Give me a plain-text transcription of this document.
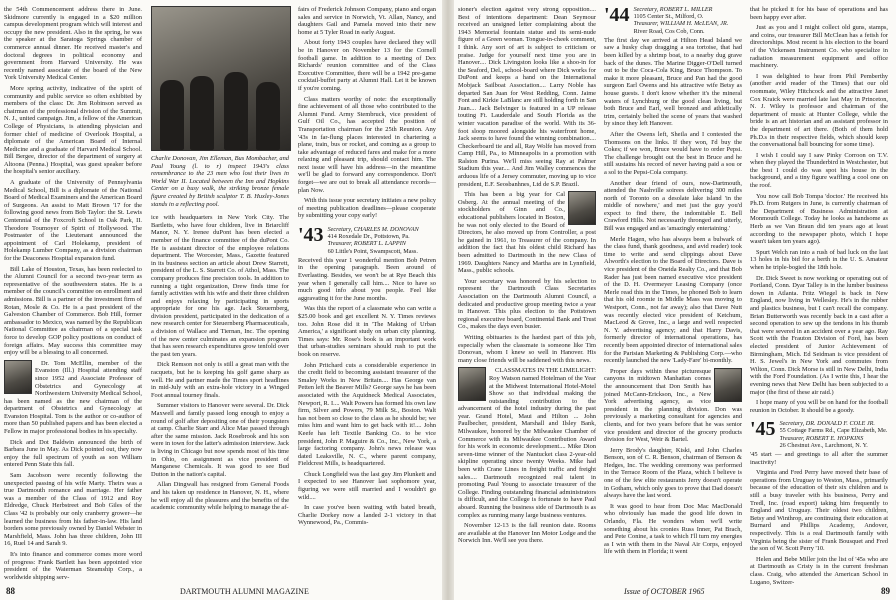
the 54th Commencement address there in June. Skidmore currently is engaged in a $20 million campus development program which will interest and occupy the new president. Also in the spring, he was the speaker at the Saratoga Springs chamber of commerce annual dinner. He received master's and doctoral degrees in political economy and government from Harvard University. He was recently named associate of the board of the New York University Medical Center.

More spring activity, indicative of the spirit of community and public service so often exhibited by members of the class: Dr. Jim Robinson served as chairman of the professional division of the Summit, N. J., united campaign. Jim, a fellow of the American College of Physicians, is attending physician and former chief of medicine of Overlook Hospital, a diplomate of the American Board of Internal Medicine and a graduate of Harvard Medical School. Bill Bergee, director of the department of surgery at Altoona (Penna.) Hospital, was guest speaker before the hospital's senior auxiliary.

A graduate of the University of Pennsylvania Medical School, Bill is a diplomate of the National Board of Medical Examiners and the American Board of Surgeons. An assist to Matt Brown '17 for the following good news from Bob Taylor: the St. Lewis Centennial of the Foxcroft School in Oak Park, II. Theodore Tournoyer of Spirit of Hollywood. The Postmaster of the Lieutenant announced the appointment of Carl Holekamp, president of Holekamp Lumber Company, as a division chairman for the Deaconess Hospital expansion fund.

Bill Lake of Houston, Texas, has been reelected to the Alumni Council for a second two-year term as representative of the southwestern states. He is a member of the council's committee on enrollment and admissions. Bill is a partner of the investment firm of Rotan, Mosle & Co. He is a past president of the Galveston Chamber of Commerce. Bob Hill, former ambassador to Mexico, was named by the Republican National Committee as chairman of a special task force to develop GOP policy positions on conduct of foreign affairs. May success this committee may enjoy will be a blessing to all concerned.

Dr. Tom McEllin, member of the Evanston (Ill.) Hospital attending staff since 1952 and Associate Professor of Obstetrics and Gynecology at Northwestern University Medical School, has been named as the new chairman of the department of Obstetrics and Gynecology at Evanston Hospital. Tom is the author or co-author of more than 50 published papers and has been elected a Fellow in major professional bodies in his specialty.

Dick and Dot Baldwin announced the birth of Barbara June in May. As Dick pointed out, they now enjoy the full spectrum of youth as son William entered Penn State this fall.

Sam Jacobson were recently following the unexpected passing of his wife Marty. Theirs was a true Dartmouth romance and marriage. Her father was a member of the Class of 1912 and Roy Eldredge, Chuck Herbstreet and Bob Giles of the Class '42 is probably our only cranberry grower—he learned the business from his father-in-law. His land borders some previously owned by Daniel Webster in Marshfield, Mass. John has three children, John III 16, Ruel 14 and Sarah 9.

It's into finance and commerce comes more word of progress: Frank Bartlett has been appointed vice president of the Waterman Steamship Corp., a worldwide shipping serv-

Charlie Donovan, Jim Elleman, Bus Mombacher, and Paul Young (l. to r) inspect 1943's class remembrance to the 23 men who lost their lives in World War II. Located between the Inn and Hopkins Center on a busy walk, the striking bronze female figure created by British sculptor T. B. Huxley-Jones stands in a reflecting pool.

ice with headquarters in New York City. The Bartletts, who have four children, live in Briarcliff Manor, N. Y. Irenee duPont has been elected a member of the finance committee of the duPont Co. He is assistant director of the employee relations department. The Worcester, Mass., Gazette featured in its business section an article about Drew Starrett, president of the L. S. Starrett Co. of Athol, Mass. The company produces fine precision tools. In addition to running a tight organization, Drew finds time for family activities with his wife and their three children and enjoys relaxing by participating in sports appropriate for one his age. Jack Steuernberg, division president, participated in the dedication of a new research center for Steuernberg Pharmaceuticals, a division of Wallace and Tiernan, Inc. The opening of the new center culminates an expansion program that has seen research expenditures grow tenfold over the past ten years.

Dick Remson not only is still a great man with the racquets, but he is keeping his golf game sharp as well. He and partner made the Times sport headlines in mid-July with an extra-hole victory in a Winged Foot annual tourney finals.

Summer visitors to Hanover were several. Dr. Dick Maxwell and family passed long enough to enjoy a round of golf after depositing one of their youngsters at camp. Charlie Starr and Alice Mae passed through after the same mission. Jack Rosebrook and his son were in town for the latter's admission interview. Jack is living in Chicago but now spends most of his time in Ohio, on assignment as vice president of Manganese Chemicals. It was good to see Bud Dutton in the nation's capital.

Allan Dingwall has resigned from General Foods and his taken up residence in Hanover, N. H., where he will enjoy all the pleasures and the benefits of the academic community while helping to manage the af-

fairs of Frederick Johnson Company, piano and organ sales and service in Norwich, Vt. Allan, Nancy, and daughters Gail and Pamela moved into their new home at 5 Tyler Road in early August.

About forty 1943 couples have declared they will be in Hanover on November 13 for the Cornell football game. In addition to a meeting of Dex Richards' reunion committee and of the Class Executive Committee, there will be a 1942 pre-game cocktail-buffet party at Alumni Hall. Let it be known if you're coming.

Class matters worthy of note: the exceptionally fine achievement of all those who contributed to the Alumni Fund. Army Stembruck, vice president of Gulf Oil Co., has accepted the position of Transportation chairman for the 25th Reunion. Any '43s in far-flung places interested in chartering a plane, train, bus or rocket, and coming as a group to take advantage of reduced fares and make for a more relaxing and pleasant trip, should contact him. The next issue will have his address—in the meantime we'll be glad to forward any correspondence. Don't forget—we are out to break all attendance records—plan Now.

With this issue your secretary initiates a new policy of meeting publication deadlines—please cooperate by submitting your copy early!

'43 Secretary, CHARLES M. DONOVAN
414 Roxedale Dr., Pottstown, Pa.
Treasurer, ROBERT L. LAPPIN
60 Little's Point, Swampscott, Mass.

Received this year 1 wonderful mention Bob Petren in the opening paragraph. Been around of Everlasting. Besides, we won't be at Rye Beach this year when I generally call him.... Nice to have so much good info about you people. Feel like aggravating it for the June months.

Was this the report of a classmate who can write a $25.00 book and get excellent N. Y. Times reviews too. John Rose did it in 'The Making of Urban America,' a significant study on urban city planning. Times says: Mr. Rose's book is an important work that urban-studies seminars should rush to put the book on reserve.

John Pritchard cuts a considerable experience in the credit field to becoming assistant treasurer of the Smaley Works in New Britain.... Has George van Petten left the Beaver Mills? George says he has been associated with the Aquidneck Medical Associates, Newport, R. I.... Walt Powers has formed his own law firm, Silver and Powers, 79 Milk St., Boston. Walt has not been so close to the class as he should be; we miss him and want him to get back with it!.... John Keefe has left Textile Banking Co. to be vice president, John P. Maguire & Co., Inc., New York, a large factoring company. John's news release was dated Leaksville, N. C., where parent company, Fieldcrest Mills, is headquartered.

Chuck Longfield was the last guy Jim Plunkett and I expected to see Hanover last sophomore year, figuring we were still married and I wouldn't go wild....

In case you've been waiting with bated breath, Charlie Dorkey now a landed 2-1 victory in that Wynnewood, Pa., Commis-

88	DARTMOUTH ALUMNI MAGAZINE

sioner's election against very strong opposition.... Best of intentions department: Dean Seymour received an unsigned letter complaining about the 1943 Memorial fountain statue and its semi-nude figure of a Green woman. Tongue-in-cheek comment, I think. Any sort of art is subject to criticism or praise. Judge for yourself next time you are in Hanover.... Dick Livingston looks like a shoo-in for the Seaford, Del., school-board where Dick works for DuPont and keeps a hand on the International Mobjack Sailboat Association.... Larry Noble has departed San Juan for West Redding, Conn. Jaime Font and Kirkie LaBlanc are still holding forth in San Juan.... Jack Belvinger is featured in a UP release touting Ft. Lauderdale and South Florida as the winter vacation paradise of the world. With its 36-foot sloop moored alongside his waterfront home, Jack seems to have found the winning combination.... Checkerboard tie and all, Ray Wolfe has moved from Camp Hill, Pa., to Minneapolis in a promotion with Ralston Purina. We'll miss seeing Ray at Palmer Stadium this year.... And Jim Walley commences the arduous life of a Jersey commuter, moving up to vice president, E.F. Seosbanhnes, Ltd de S.P. Brazil.

This has been a big year for Cal Osberg. At the annual meeting of the stockholders of Ginn and Co., educational publishers located in Boston, he was not only elected to the Board of Directors, he also moved up from Controller, a post he gained in 1961, to Treasurer of the company. In addition the fact that his oldest child Richard has been admitted to Dartmouth in the new Class of 1969. Daughters Nancy and Martha are in Lynnfield, Mass., public schools.

Your secretary was honored by his selection to represent the Dartmouth Class Secretaries Association on the Dartmouth Alumni Council, a dedicated and productive group meeting twice a year in Hanover. This plus election to the Pottstown regional executive board, Continental Bank and Trust Co., makes the days even busier.

Writing obituaries is the hardest part of this job, especially when the classmate is someone like Tim Donovan, whom I knew so well in Hanover. His many close friends will be saddened with this news.

CLASSMATES IN THE LIMELIGHT: Roy Watson named Hotelman of the Year at the Midwest International Hotel-Motel Show so that individual making the outstanding contribution to the advancement of the hotel industry during the past year. Grand Hotel, Maui and Hilton ... John Paulbecher, president, Marshall and Ilsley Bank, Milwaukee, honored by the Milwaukee Chamber of Commerce with its Milwaukee Contribution Award for his work in economic development.... Mike Dion seven-time winner of the Nantucket class 2-year-old skipline operating since twenty Weeks. Mike had been with Crane Lines in freight traffic and freight sales.... Dartmouth recognized real talent in promoting Paul Young to associate treasurer of the College. Finding outstanding financial administrators is difficult, and the College is fortunate to have Paul aboard. Running the business side of Dartmouth is as complex as running many large business ventures.

November 12-13 is the fall reunion date. Rooms are available at the Hanover Inn Motor Lodge and the Norwich Inn. We'll see you there.

'44 Secretary, ROBERT L. MILLER
1105 Center St., Milford, O.
Treasurer, WILLIAM H. McLEAN, JR.
River Road, Cos Cob, Conn.

The first day we arrived at Hilton Head Island we saw a husky chap dragging a sea tortoise, that had been killed by a shrimp boat, to a nearby dug grave back of the dunes. The Marine Digger-O'Dell turned out to be the Coca-Cola King, Bruce Thompson. To make it more pleasant, Bruce and Pan had the good surgeon Earl Owens and his attractive wife Betsy as house guests. I don't know whether it's the mineral waters of Lynchburg or the good clean living, but both Bruce and Earl, well bronzed and athletically trim, certainly belied the scene of years that washed by since they left Hanover.

After the Owens left, Sheila and I contested the Thomsons on the links. If they won, I'd buy the Cokes; if we won, Bruce would have to order Pepsi. The challenge brought out the best in Bruce and he still sustains his record of never having paid a sou or a sol to the Pepsi-Cola company.

Another dear friend of ours, now-Dartmouth, attended the Nashville soirees delivering 300 miles north of Toronto on a desolate lake island 'in the middle of nowhere,' and met just the guy you'd expect to find there, the indomitable E. Bell Crawford Hills. Not necessarily thronged and utterly, Bill was engaged and as 'amazingly entertaining.'

Merle Hagen, who has always been a bulwark of the class fund, thank goodness, and avid reader) took time to write and send clippings about Dave Alworth's election to the Board of Directors. Dave is vice president of the Oneida Realty Co., and that Bob Rader has just been named executive vice president of the D. H. Overmeyer Leasing Company (once Merle read this in the Times, he phoned Bob to learn that his old roomie in Middle Mass was moving to Westport, Conn., not far away); also that Dave Nutt was recently elected vice president of Ketchum, MacLeod & Grove, Inc., a large and well respected N. Y. advertising agency; and that Harry Davis, formerly director of international operations, has recently been appointed director of international sales for the Parisian Marketing & Publishing Corp.—who recently launched the new 'Lady-Fare' bi-monthly.

Proper days within these picturesque canyons in midtown Manhattan comes the announcement that Don Smith has joined McCann-Erickson, Inc., a New York advertising agency, as vice president in the planning division. Don was previously a marketing consultant for agencies and clients, and for two years before that he was senior vice president and director of the grocery products division for West, Weir & Bartel.

Jerry Brody's daughter, Kiski, and John Charles Benson, son of C. R. Benson, chairman of Benson & Hedges, Inc. The wedding ceremony was performed in the Terrace Room of the Plaza, which I believe is one of the few elite restaurants Jerry doesn't operate in Gotham, which only goes to prove that Dad doesn't always have the last word.

It was good to hear from Doc Mac MacDonald who obviously has made the good life down in Orlando, Fla. He wonders when we'll write something about his cronies Russ Inner, Pat Brach, and Pete Conine, a task to which I'll turn my energies as I win with them in the Naval Air Corps, enjoyed life with them in Florida; it went

that he picked it for his base of operations and has been happy ever after.

Just as you and I might collect old guns, stamps, and coins, our treasurer Bill McClean has a fetish for directorships. Most recent is his election to the board of the Vickensen Instrument Co. who specialize in radiation measurement equipment and office machinery.

I was delighted to hear from Phil Pemberthy (another avid reader of the Times) that our old roommate, Wiley Hitchcock and the attractive Janet Cox Kraick were married late last May in Princeton, N. J. Wiley is professor and chairman of the department of music at Hunter College, while the bride is an art historian and an assistant professor in the department of art there. (Both of them hold Ph.D.s in their respective fields, which should keep the conversational ball bouncing for some time).

I wish I could say I saw Pinky Corroon on T.V. when they played the Thunderbird in Westchester, but the best I could do was spot his house in the background, and a tiny figure waffling a cool one on the roof.

You now call Bob Tompa 'doctor.' He received his Ph.D. from Rutgers in June, is currently chairman of the Department of Business Administration at Monmouth College. Today he looks as handsome as Herb as we Van Braun did ten years ago at least according to the newspaper photo, which I hope wasn't taken ten years ago).

Spurt Welch ran into a rush of bad luck on the last 13 holes in his bid for a berth in the U. S. Amateur when he triple-bogied the 18th hole.

Dr. Dick Sweet is now working or operating out of Portland, Conn. Dyar Talley is in the lumber business down in Atlanta. Fritz Wiegel is back in New England, now living in Wellesley. He's in the rubber and plastics business, but I can't recall the company. Brian Butterworth was recently back in a cast after a second operation to sew up the tendons in his thumb that were severed in an accident over a year ago. Ray Scott with the Frauton Division of Ford, has been elected president of Junior Achievement of Birmingham, Mich. Ed Seidman is vice president of H. S. Jewel's in New York and commutes from Wilton, Conn. Dick Morse is still in New Delhi, India with the Ford Foundation. (As I write this, I hear the evening news that New Delhi has been subjected to a major (the first of these air raid.)

I hope many of you will be on hand for the football reunion in October. It should be a goody.

'45 Secretary, DR. DONALD F. COLE JR.
55 Cottage Farms Rd., Cape Elizabeth, Me.
Treasurer, ROBERT E. HOPKINS
26 Chestnut Ave., Larchmont, N. Y.

'45 start — and greetings to all after the summer inactivity!

Virginia and Fred Perry have moved their base of operations from Uruguay to Weston, Mass., primarily because of the education of their six children and is still a busy traveler with his business, Perry and Tredl, Inc. (road export) taking him frequently to England and Uruguay. Their oldest two children, Betsy and Winthrop, are continuing their education at Burnard and Phillips Academy, Andover, respectively. This is a real Dartmouth family with Virginia being the sister of Frank Bousquet and Fred the son of W. Scott Perry '10.

Helen and Bebe Miller join the list of '45s who are at Dartmouth as Cristy is in the current freshman class. Craig, who attended the American School in Lugano, Switzer-

Issue of OCTOBER 1965	89
